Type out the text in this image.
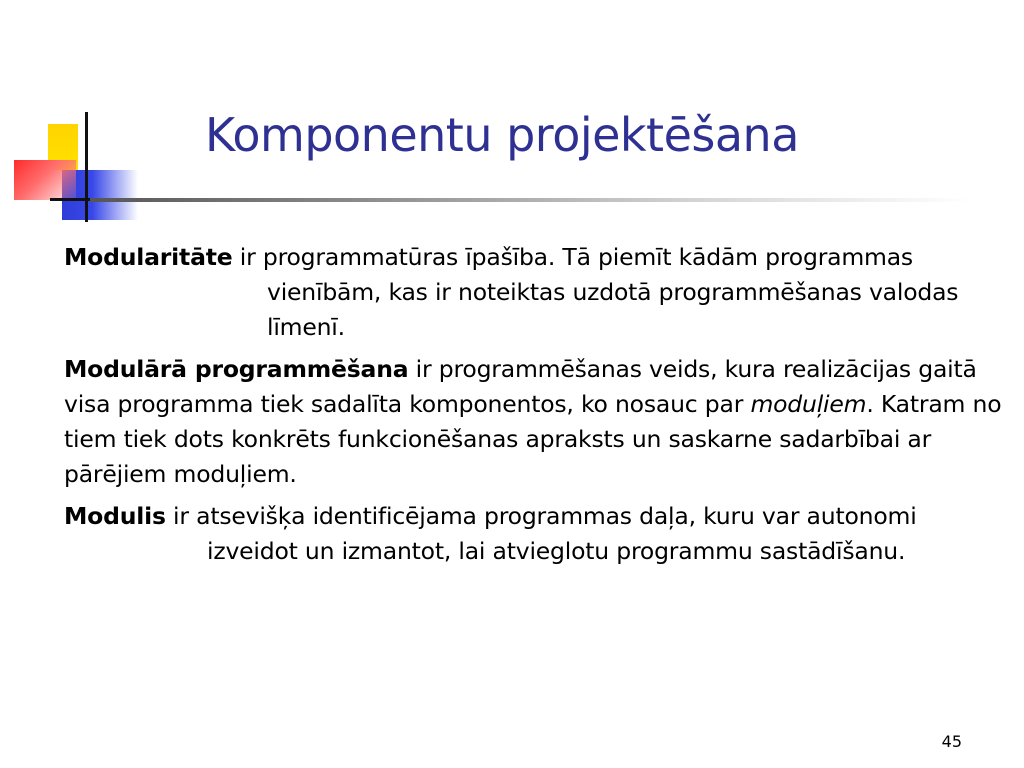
Komponentu projektēšana

Modularitāte ir programmatūras īpašība. Tā piemīt kādām programmas vienībām, kas ir noteiktas uzdotā programmēšanas valodas līmenī.

Modulārā programmēšana ir programmēšanas veids, kura realizācijas gaitā visa programma tiek sadalīta komponentos, ko nosauc par moduļiem. Katram no tiem tiek dots konkrēts funkcionēšanas apraksts un saskarne sadarbībai ar pārējiem moduļiem.

Modulis ir atsevišķa identificējama programmas daļa, kuru var autonomi izveidot un izmantot, lai atvieglotu programmu sastādīšanu.

45
